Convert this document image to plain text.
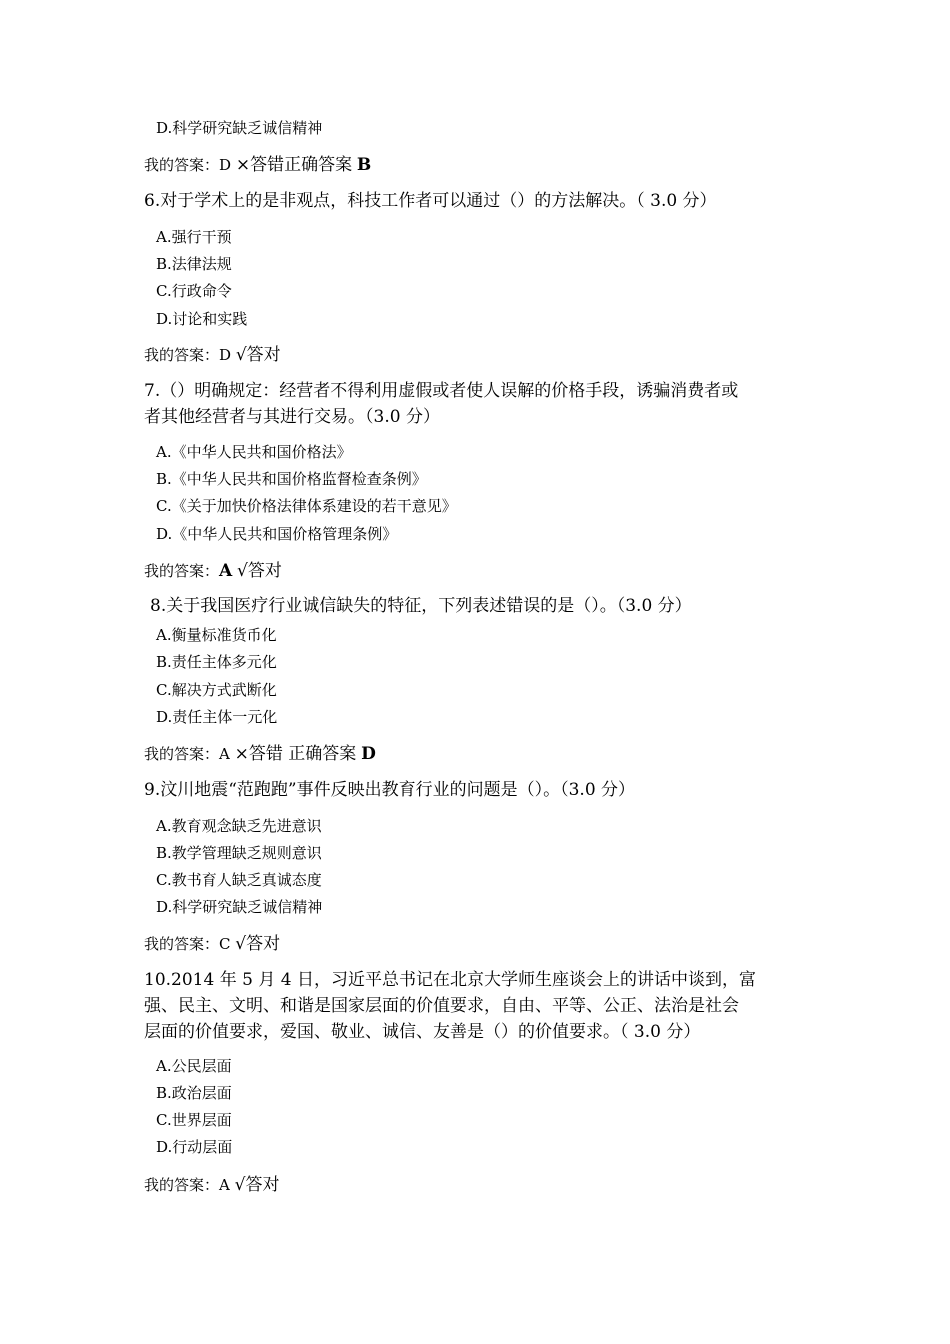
D.科学研究缺乏诚信精神
我的答案：D ×答错正确答案 B
6.对于学术上的是非观点，科技工作者可以通过（）的方法解决。（ 3.0 分）
A.强行干预
B.法律法规
C.行政命令
D.讨论和实践
我的答案：D √答对
7.（）明确规定：经营者不得利用虚假或者使人误解的价格手段，诱骗消费者或
者其他经营者与其进行交易。（3.0 分）
A.《中华人民共和国价格法》
B.《中华人民共和国价格监督检查条例》
C.《关于加快价格法律体系建设的若干意见》
D.《中华人民共和国价格管理条例》
我的答案：A √答对
8.关于我国医疗行业诚信缺失的特征，下列表述错误的是（）。（3.0 分）
A.衡量标准货币化
B.责任主体多元化
C.解决方式武断化
D.责任主体一元化
我的答案：A ×答错 正确答案 D
9.汶川地震“范跑跑”事件反映出教育行业的问题是（）。（3.0 分）
A.教育观念缺乏先进意识
B.教学管理缺乏规则意识
C.教书育人缺乏真诚态度
D.科学研究缺乏诚信精神
我的答案：C √答对
10.2014 年 5 月 4 日，习近平总书记在北京大学师生座谈会上的讲话中谈到，富
强、民主、文明、和谐是国家层面的价值要求，自由、平等、公正、法治是社会
层面的价值要求，爱国、敬业、诚信、友善是（）的价值要求。（ 3.0 分）
A.公民层面
B.政治层面
C.世界层面
D.行动层面
我的答案：A √答对
